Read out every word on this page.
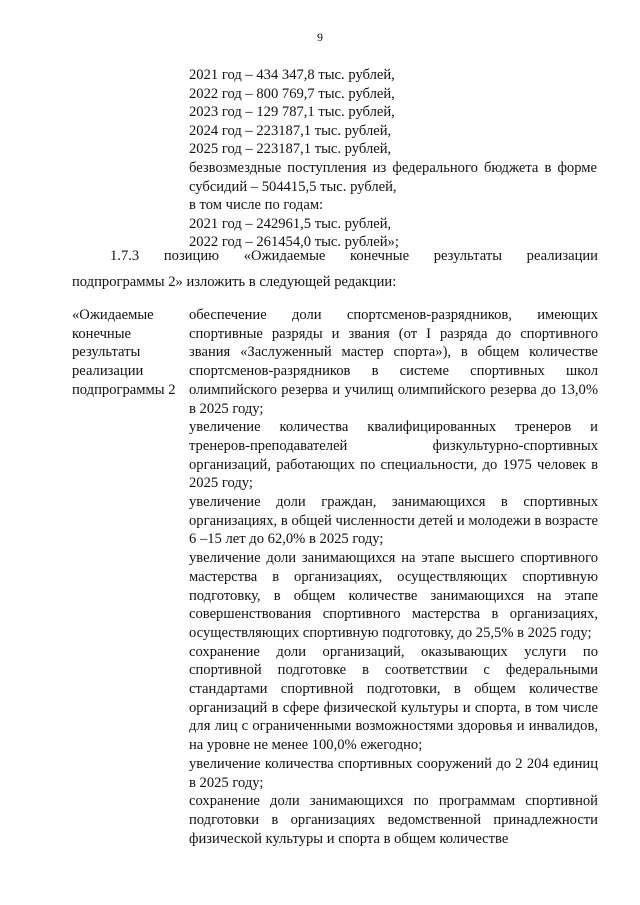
9
2021 год – 434 347,8 тыс. рублей,
2022 год – 800 769,7 тыс. рублей,
2023 год – 129 787,1 тыс. рублей,
2024 год – 223187,1 тыс. рублей,
2025 год – 223187,1 тыс. рублей,
безвозмездные поступления из федерального бюджета в форме субсидий – 504415,5 тыс. рублей,
в том числе по годам:
2021 год – 242961,5 тыс. рублей,
2022 год – 261454,0 тыс. рублей»;
1.7.3 позицию «Ожидаемые конечные результаты реализации
подпрограммы 2» изложить в следующей редакции:
«Ожидаемые
конечные
результаты
реализации
подпрограммы 2

обеспечение доли спортсменов-разрядников, имеющих спортивные разряды и звания (от I разряда до спортивного звания «Заслуженный мастер спорта»), в общем количестве спортсменов-разрядников в системе спортивных школ олимпийского резерва и училищ олимпийского резерва до 13,0% в 2025 году;

увеличение количества квалифицированных тренеров и тренеров-преподавателей физкультурно-спортивных организаций, работающих по специальности, до 1975 человек в 2025 году;

увеличение доли граждан, занимающихся в спортивных организациях, в общей численности детей и молодежи в возрасте 6 –15 лет до 62,0% в 2025 году;

увеличение доли занимающихся на этапе высшего спортивного мастерства в организациях, осуществляющих спортивную подготовку, в общем количестве занимающихся на этапе совершенствования спортивного мастерства в организациях, осуществляющих спортивную подготовку, до 25,5% в 2025 году;

сохранение доли организаций, оказывающих услуги по спортивной подготовке в соответствии с федеральными стандартами спортивной подготовки, в общем количестве организаций в сфере физической культуры и спорта, в том числе для лиц с ограниченными возможностями здоровья и инвалидов, на уровне не менее 100,0% ежегодно;

увеличение количества спортивных сооружений до 2 204 единиц в 2025 году;

сохранение доли занимающихся по программам спортивной подготовки в организациях ведомственной принадлежности физической культуры и спорта в общем количестве
